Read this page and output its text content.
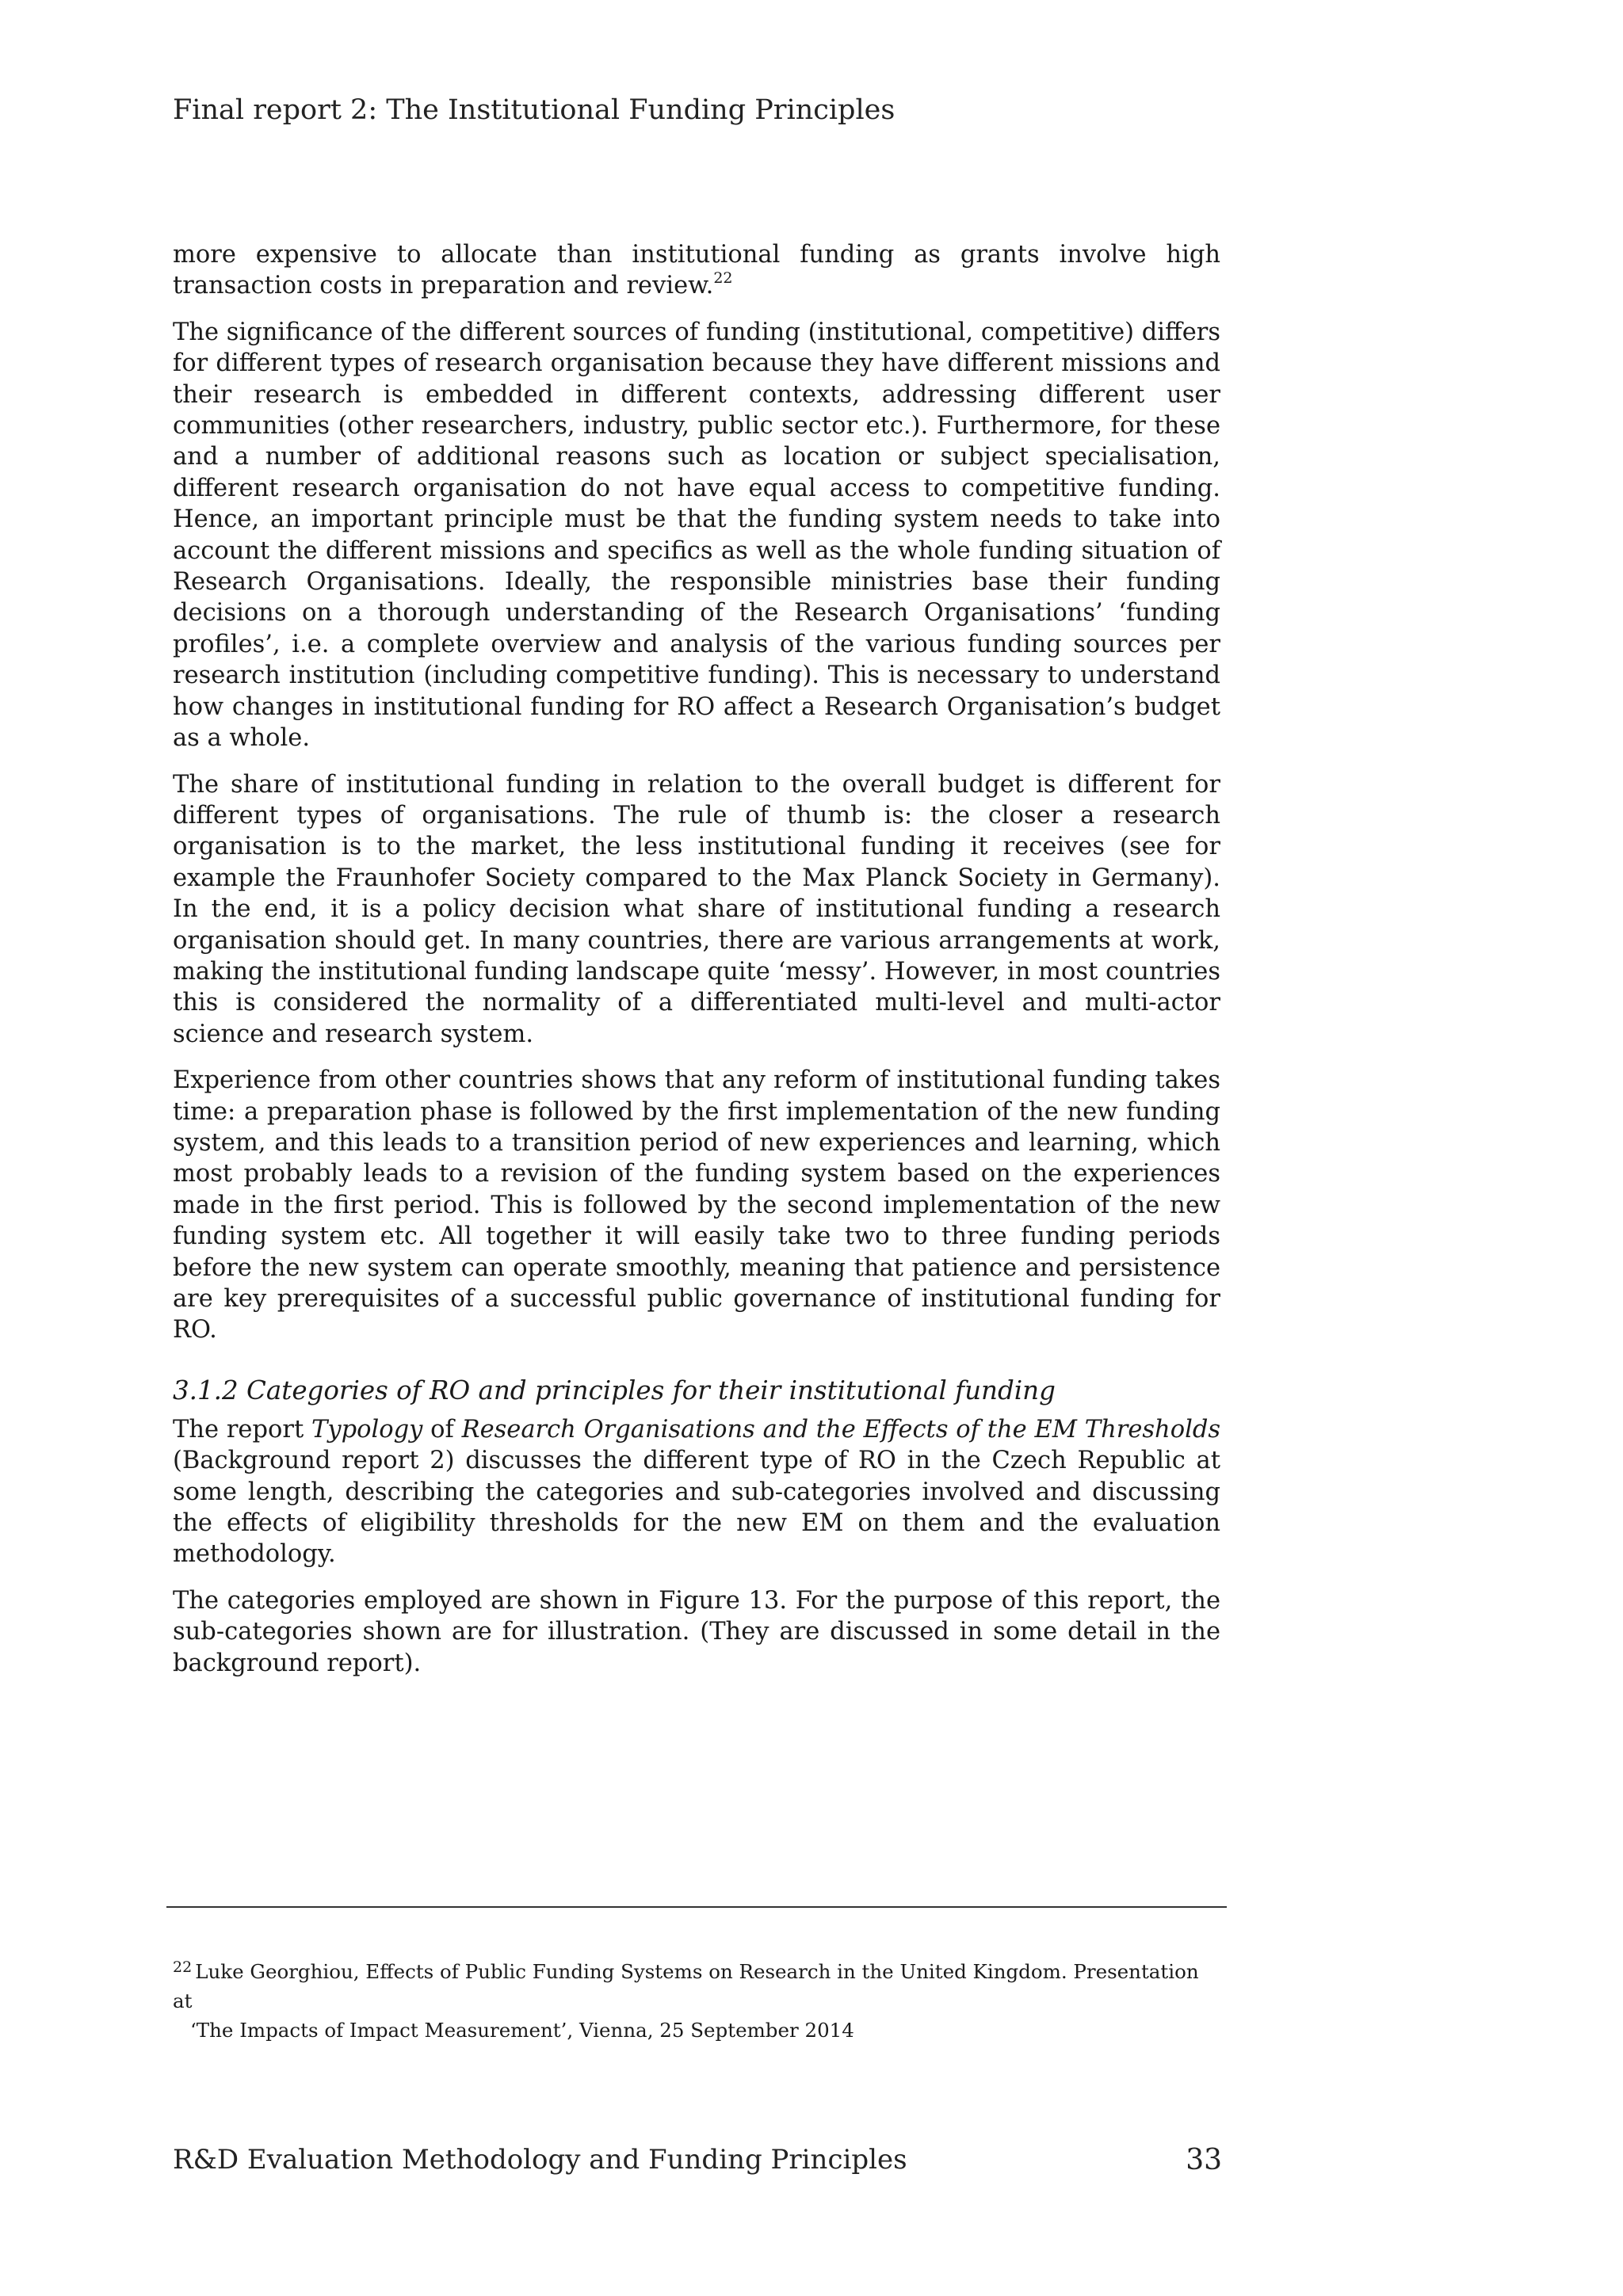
Final report 2: The Institutional Funding Principles

more expensive to allocate than institutional funding as grants involve high transaction costs in preparation and review.$^{22}$

The significance of the different sources of funding (institutional, competitive) differs for different types of research organisation because they have different missions and their research is embedded in different contexts, addressing different user communities (other researchers, industry, public sector etc.). Furthermore, for these and a number of additional reasons such as location or subject specialisation, different research organisation do not have equal access to competitive funding. Hence, an important principle must be that the funding system needs to take into account the different missions and specifics as well as the whole funding situation of Research Organisations. Ideally, the responsible ministries base their funding decisions on a thorough understanding of the Research Organisations’ ‘funding profiles’, i.e. a complete overview and analysis of the various funding sources per research institution (including competitive funding). This is necessary to understand how changes in institutional funding for RO affect a Research Organisation’s budget as a whole.

The share of institutional funding in relation to the overall budget is different for different types of organisations. The rule of thumb is: the closer a research organisation is to the market, the less institutional funding it receives (see for example the Fraunhofer Society compared to the Max Planck Society in Germany). In the end, it is a policy decision what share of institutional funding a research organisation should get. In many countries, there are various arrangements at work, making the institutional funding landscape quite ‘messy’. However, in most countries this is considered the normality of a differentiated multi-level and multi-actor science and research system.

Experience from other countries shows that any reform of institutional funding takes time: a preparation phase is followed by the first implementation of the new funding system, and this leads to a transition period of new experiences and learning, which most probably leads to a revision of the funding system based on the experiences made in the first period. This is followed by the second implementation of the new funding system etc. All together it will easily take two to three funding periods before the new system can operate smoothly, meaning that patience and persistence are key prerequisites of a successful public governance of institutional funding for RO.

3.1.2 Categories of RO and principles for their institutional funding

The report Typology of Research Organisations and the Effects of the EM Thresholds (Background report 2) discusses the different type of RO in the Czech Republic at some length, describing the categories and sub-categories involved and discussing the effects of eligibility thresholds for the new EM on them and the evaluation methodology.

The categories employed are shown in Figure 13. For the purpose of this report, the sub-categories shown are for illustration. (They are discussed in some detail in the background report).

$^{22}$ Luke Georghiou, Effects of Public Funding Systems on Research in the United Kingdom. Presentation at
‘The Impacts of Impact Measurement’, Vienna, 25 September 2014
R&D Evaluation Methodology and Funding Principles	33
